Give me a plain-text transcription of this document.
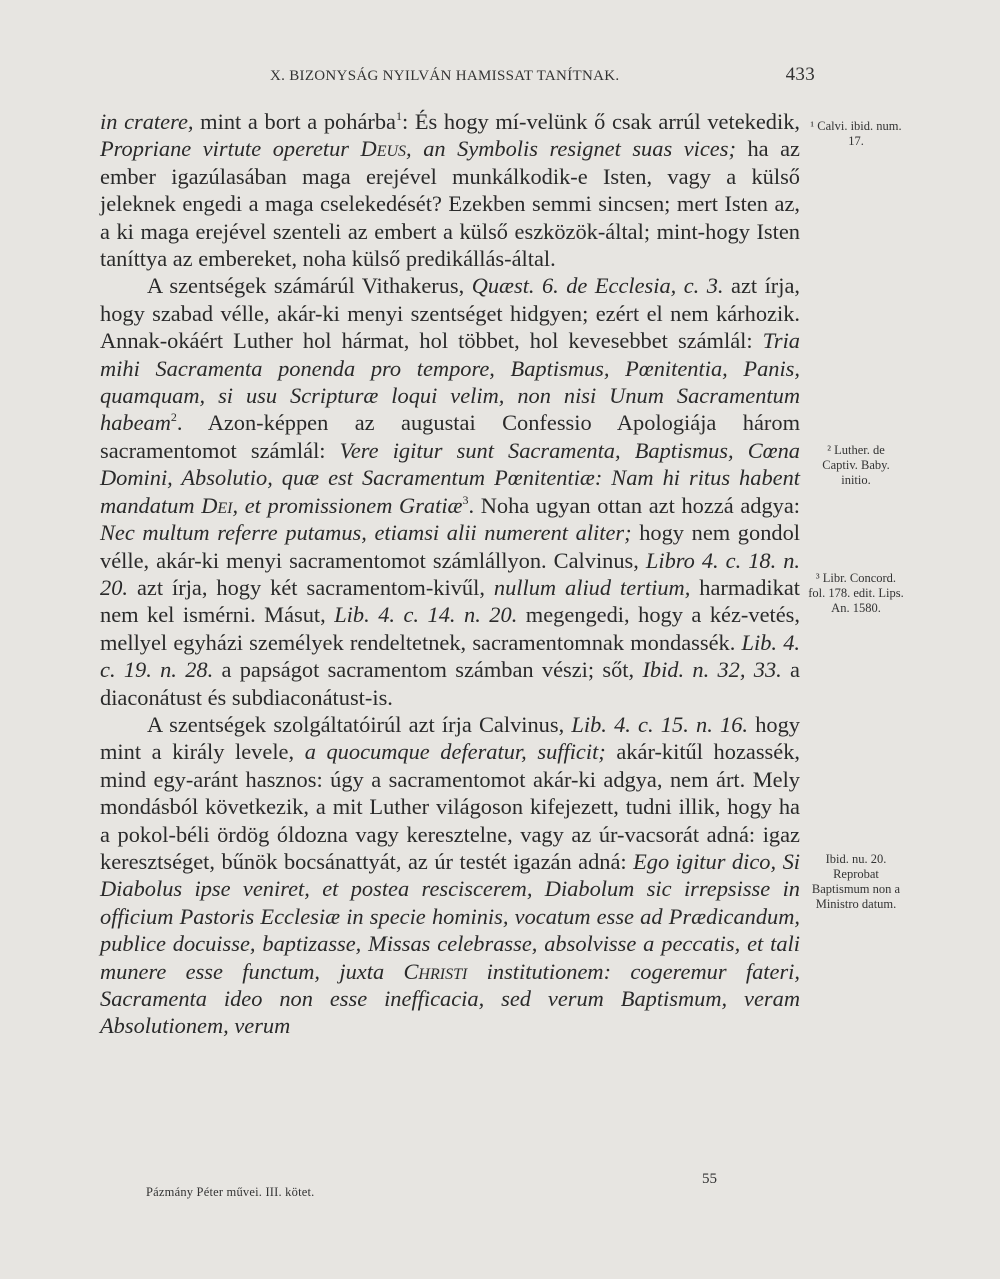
X. BIZONYSÁG NYILVÁN HAMISSAT TANÍTNAK.	433

in cratere, mint a bort a pohárba$^1$: És hogy mí-velünk ő csak arrúl vetekedik, Propriane virtute operetur Deus, an Symbolis resignet suas vices; ha az ember igazúlasában maga erejével munkálkodik-e Isten, vagy a külső jeleknek engedi a maga cselekedését? Ezekben semmi sincsen; mert Isten az, a ki maga erejével szenteli az embert a külső eszközök-által; mint-hogy Isten taníttya az embereket, noha külső predikállás-által.

A szentségek számárúl Vithakerus, Quæst. 6. de Ecclesia, c. 3. azt írja, hogy szabad vélle, akár-ki menyi szentséget hidgyen; ezért el nem kárhozik. Annak-okáért Luther hol hármat, hol többet, hol kevesebbet számlál: Tria mihi Sacramenta ponenda pro tempore, Baptismus, Pœnitentia, Panis, quamquam, si usu Scripturæ loqui velim, non nisi Unum Sacramentum habeam$^2$. Azon-képpen az augustai Confessio Apologiája három sacramentomot számlál: Vere igitur sunt Sacramenta, Baptismus, Cœna Domini, Absolutio, quæ est Sacramentum Pœnitentiæ: Nam hi ritus habent mandatum Dei, et promissionem Gratiæ$^3$. Noha ugyan ottan azt hozzá adgya: Nec multum referre putamus, etiamsi alii numerent aliter; hogy nem gondol vélle, akár-ki menyi sacramentomot számlállyon. Calvinus, Libro 4. c. 18. n. 20. azt írja, hogy két sacramentom-kivűl, nullum aliud tertium, harmadikat nem kel ismérni. Másut, Lib. 4. c. 14. n. 20. megengedi, hogy a kéz-vetés, mellyel egyházi személyek rendeltetnek, sacramentomnak mondassék. Lib. 4. c. 19. n. 28. a papságot sacramentom számban vészi; sőt, Ibid. n. 32, 33. a diaconátust és subdiaconátust-is.

A szentségek szolgáltatóirúl azt írja Calvinus, Lib. 4. c. 15. n. 16. hogy mint a király levele, a quocumque deferatur, sufficit; akár-kitűl hozassék, mind egy-aránt hasznos: úgy a sacramentomot akár-ki adgya, nem árt. Mely mondásból következik, a mit Luther világoson kifejezett, tudni illik, hogy ha a pokol-béli ördög óldozna vagy keresztelne, vagy az úr-vacsorát adná: igaz keresztséget, bűnök bocsánattyát, az úr testét igazán adná: Ego igitur dico, Si Diabolus ipse veniret, et postea resciscerem, Diabolum sic irrepsisse in officium Pastoris Ecclesiæ in specie hominis, vocatum esse ad Prædicandum, publice docuisse, baptizasse, Missas celebrasse, absolvisse a peccatis, et tali munere esse functum, juxta Christi institutionem: cogeremur fateri, Sacramenta ideo non esse inefficacia, sed verum Baptismum, veram Absolutionem, verum

¹ Calvi. ibid. num. 17.
² Luther. de Captiv. Baby. initio.
³ Libr. Concord. fol. 178. edit. Lips. An. 1580.
Ibid. nu. 20. Reprobat Baptismum non a Ministro datum.
Pázmány Péter művei. III. kötet.
55
